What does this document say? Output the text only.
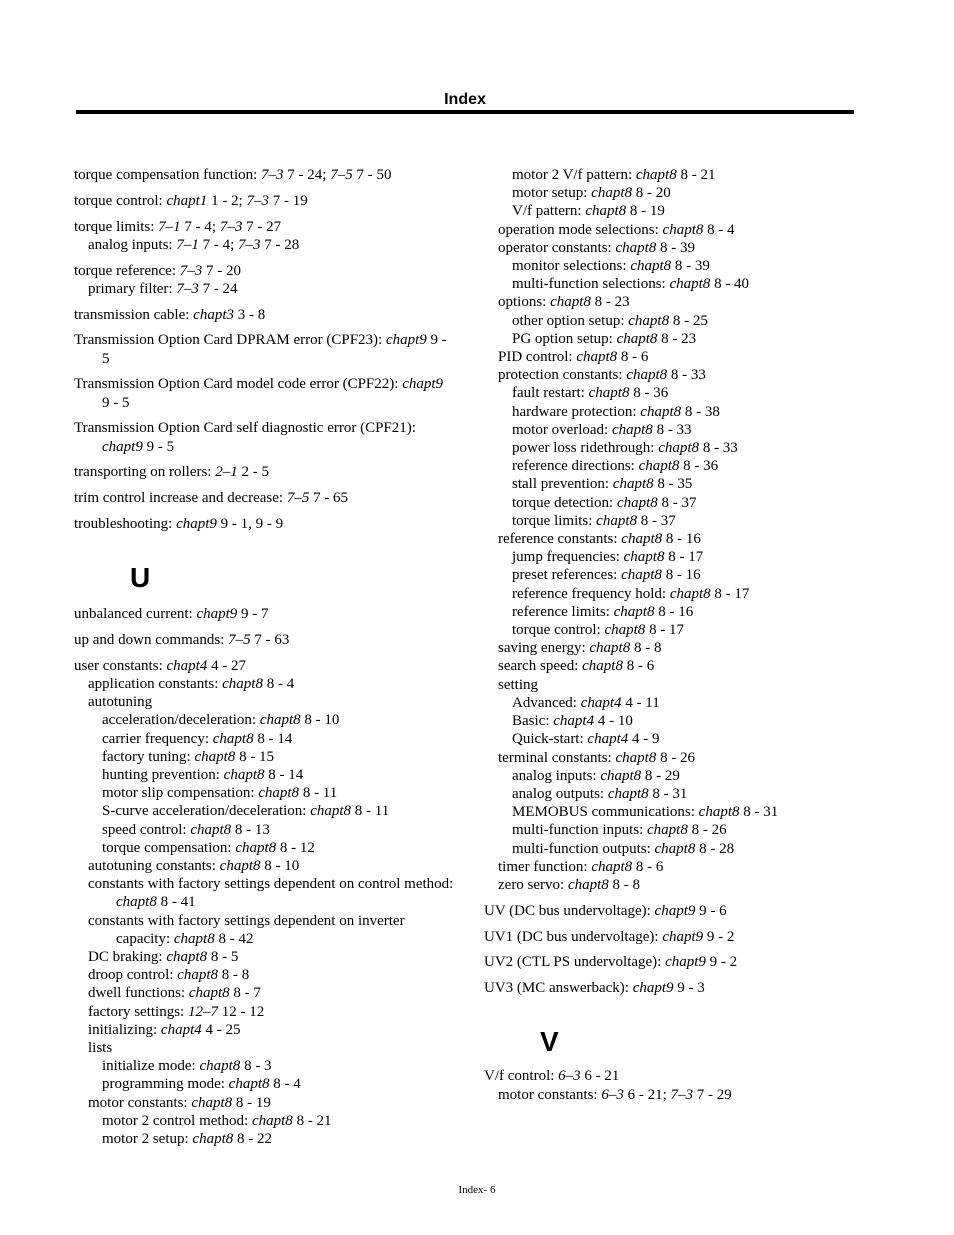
Index
torque compensation function: 7–3 7 - 24; 7–5 7 - 50
torque control: chapt1 1 - 2; 7–3 7 - 19
torque limits: 7–1 7 - 4; 7–3 7 - 27
analog inputs: 7–1 7 - 4; 7–3 7 - 28
torque reference: 7–3 7 - 20
primary filter: 7–3 7 - 24
transmission cable: chapt3 3 - 8
Transmission Option Card DPRAM error (CPF23): chapt9 9 - 5
Transmission Option Card model code error (CPF22): chapt9 9 - 5
Transmission Option Card self diagnostic error (CPF21): chapt9 9 - 5
transporting on rollers: 2–1 2 - 5
trim control increase and decrease: 7–5 7 - 65
troubleshooting: chapt9 9 - 1, 9 - 9
U
unbalanced current: chapt9 9 - 7
up and down commands: 7–5 7 - 63
user constants: chapt4 4 - 27
application constants: chapt8 8 - 4
autotuning
acceleration/deceleration: chapt8 8 - 10
carrier frequency: chapt8 8 - 14
factory tuning: chapt8 8 - 15
hunting prevention: chapt8 8 - 14
motor slip compensation: chapt8 8 - 11
S-curve acceleration/deceleration: chapt8 8 - 11
speed control: chapt8 8 - 13
torque compensation: chapt8 8 - 12
autotuning constants: chapt8 8 - 10
constants with factory settings dependent on control method: chapt8 8 - 41
constants with factory settings dependent on inverter capacity: chapt8 8 - 42
DC braking: chapt8 8 - 5
droop control: chapt8 8 - 8
dwell functions: chapt8 8 - 7
factory settings: 12–7 12 - 12
initializing: chapt4 4 - 25
lists
initialize mode: chapt8 8 - 3
programming mode: chapt8 8 - 4
motor constants: chapt8 8 - 19
motor 2 control method: chapt8 8 - 21
motor 2 setup: chapt8 8 - 22
motor 2 V/f pattern: chapt8 8 - 21
motor setup: chapt8 8 - 20
V/f pattern: chapt8 8 - 19
operation mode selections: chapt8 8 - 4
operator constants: chapt8 8 - 39
monitor selections: chapt8 8 - 39
multi-function selections: chapt8 8 - 40
options: chapt8 8 - 23
other option setup: chapt8 8 - 25
PG option setup: chapt8 8 - 23
PID control: chapt8 8 - 6
protection constants: chapt8 8 - 33
fault restart: chapt8 8 - 36
hardware protection: chapt8 8 - 38
motor overload: chapt8 8 - 33
power loss ridethrough: chapt8 8 - 33
reference directions: chapt8 8 - 36
stall prevention: chapt8 8 - 35
torque detection: chapt8 8 - 37
torque limits: chapt8 8 - 37
reference constants: chapt8 8 - 16
jump frequencies: chapt8 8 - 17
preset references: chapt8 8 - 16
reference frequency hold: chapt8 8 - 17
reference limits: chapt8 8 - 16
torque control: chapt8 8 - 17
saving energy: chapt8 8 - 8
search speed: chapt8 8 - 6
setting
Advanced: chapt4 4 - 11
Basic: chapt4 4 - 10
Quick-start: chapt4 4 - 9
terminal constants: chapt8 8 - 26
analog inputs: chapt8 8 - 29
analog outputs: chapt8 8 - 31
MEMOBUS communications: chapt8 8 - 31
multi-function inputs: chapt8 8 - 26
multi-function outputs: chapt8 8 - 28
timer function: chapt8 8 - 6
zero servo: chapt8 8 - 8
UV (DC bus undervoltage): chapt9 9 - 6
UV1 (DC bus undervoltage): chapt9 9 - 2
UV2 (CTL PS undervoltage): chapt9 9 - 2
UV3 (MC answerback): chapt9 9 - 3
V
V/f control: 6–3 6 - 21
motor constants: 6–3 6 - 21; 7–3 7 - 29
Index- 6
